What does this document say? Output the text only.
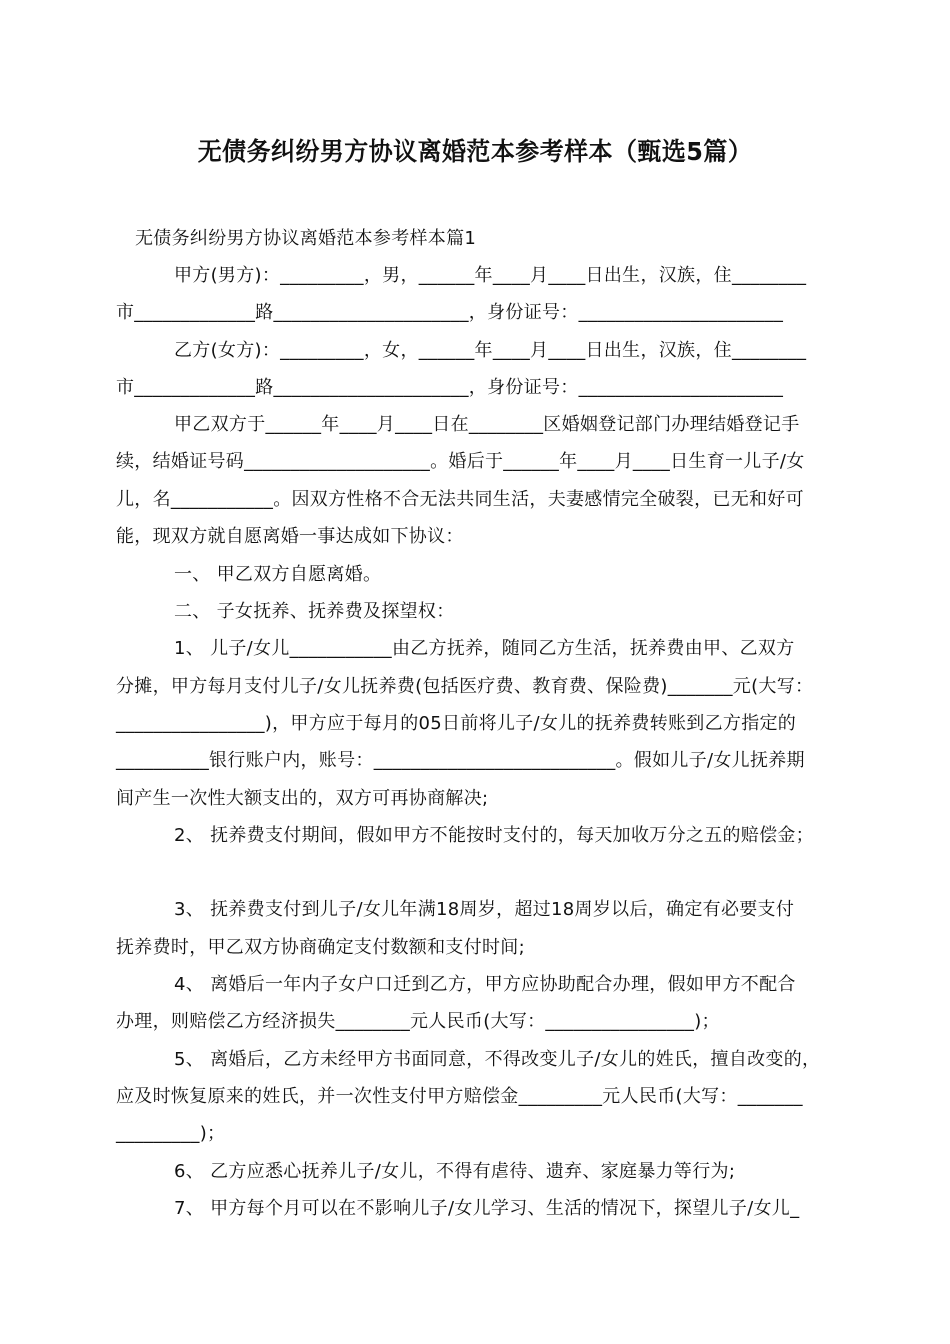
无债务纠纷男方协议离婚范本参考样本（甄选5篇）
无债务纠纷男方协议离婚范本参考样本篇1
甲方(男方)：_________，男，______年____月____日出生，汉族，住________
市_____________路_____________________，身份证号：______________________
乙方(女方)：_________，女，______年____月____日出生，汉族，住________
市_____________路_____________________，身份证号：______________________
甲乙双方于______年____月____日在________区婚姻登记部门办理结婚登记手
续，结婚证号码____________________。婚后于______年____月____日生育一儿子/女
儿，名___________。因双方性格不合无法共同生活，夫妻感情完全破裂，已无和好可
能，现双方就自愿离婚一事达成如下协议：
一、 甲乙双方自愿离婚。
二、 子女抚养、抚养费及探望权：
1、 儿子/女儿___________由乙方抚养，随同乙方生活，抚养费由甲、乙双方
分摊，甲方每月支付儿子/女儿抚养费(包括医疗费、教育费、保险费)_______元(大写：
________________)，甲方应于每月的05日前将儿子/女儿的抚养费转账到乙方指定的
__________银行账户内，账号：__________________________。假如儿子/女儿抚养期
间产生一次性大额支出的，双方可再协商解决;
2、 抚养费支付期间，假如甲方不能按时支付的，每天加收万分之五的赔偿金；
3、 抚养费支付到儿子/女儿年满18周岁，超过18周岁以后，确定有必要支付
抚养费时，甲乙双方协商确定支付数额和支付时间;
4、 离婚后一年内子女户口迁到乙方，甲方应协助配合办理，假如甲方不配合
办理，则赔偿乙方经济损失________元人民币(大写：________________)；
5、 离婚后，乙方未经甲方书面同意，不得改变儿子/女儿的姓氏，擅自改变的，
应及时恢复原来的姓氏，并一次性支付甲方赔偿金_________元人民币(大写：_______
_________)；
6、 乙方应悉心抚养儿子/女儿，不得有虐待、遗弃、家庭暴力等行为;
7、 甲方每个月可以在不影响儿子/女儿学习、生活的情况下，探望儿子/女儿_
